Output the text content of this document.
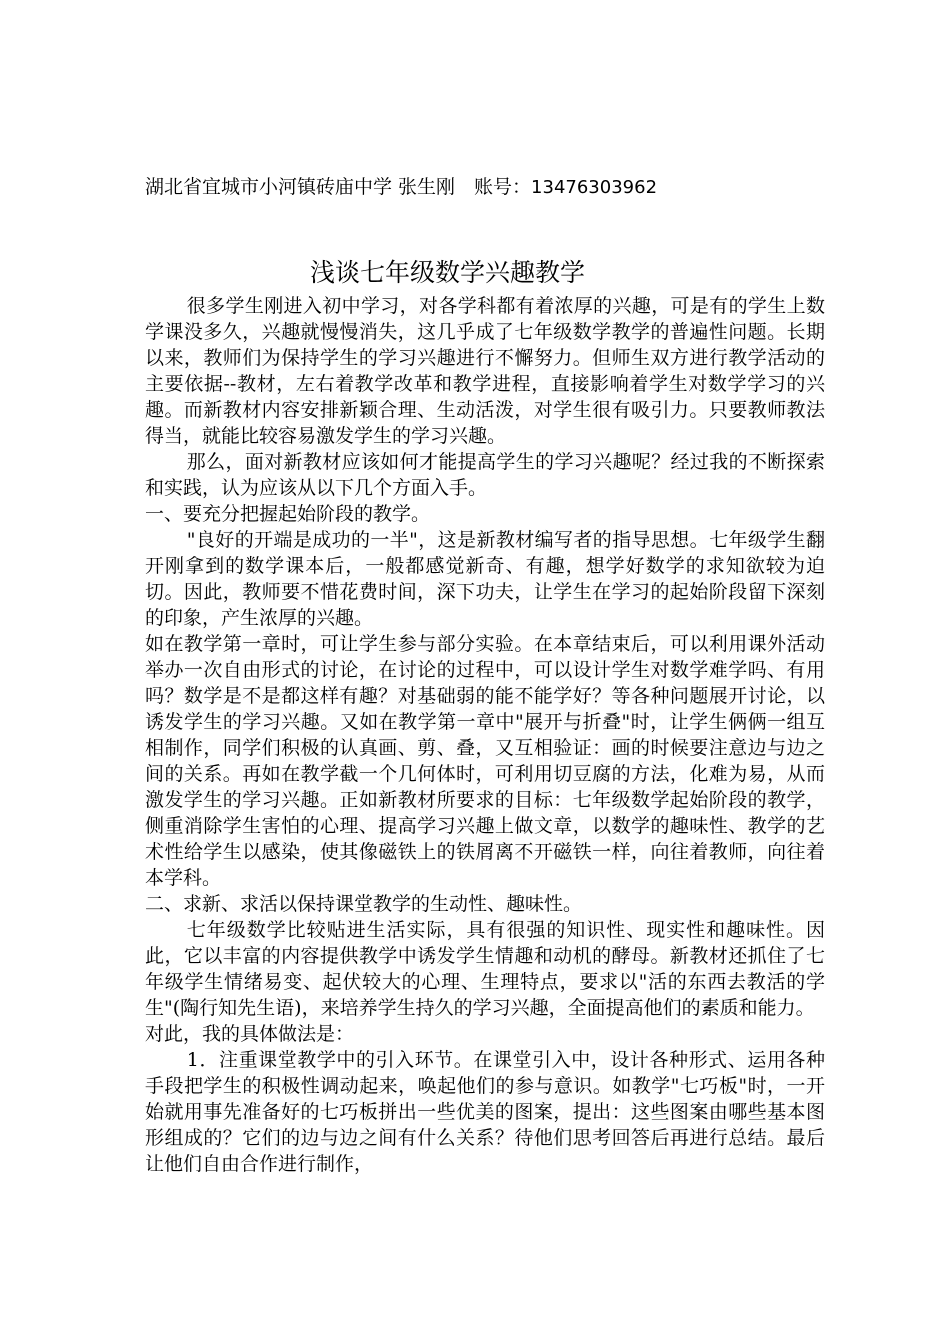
湖北省宜城市小河镇砖庙中学 张生刚　账号：13476303962
浅谈七年级数学兴趣教学

很多学生刚进入初中学习，对各学科都有着浓厚的兴趣，可是有的学生上数学课没多久，兴趣就慢慢消失，这几乎成了七年级数学教学的普遍性问题。长期以来，教师们为保持学生的学习兴趣进行不懈努力。但师生双方进行教学活动的主要依据--教材，左右着教学改革和教学进程，直接影响着学生对数学学习的兴趣。而新教材内容安排新颖合理、生动活泼，对学生很有吸引力。只要教师教法得当，就能比较容易激发学生的学习兴趣。

那么，面对新教材应该如何才能提高学生的学习兴趣呢？经过我的不断探索和实践，认为应该从以下几个方面入手。

一、要充分把握起始阶段的教学。

"良好的开端是成功的一半"，这是新教材编写者的指导思想。七年级学生翻开刚拿到的数学课本后，一般都感觉新奇、有趣，想学好数学的求知欲较为迫切。因此，教师要不惜花费时间，深下功夫，让学生在学习的起始阶段留下深刻的印象，产生浓厚的兴趣。

如在教学第一章时，可让学生参与部分实验。在本章结束后，可以利用课外活动举办一次自由形式的讨论，在讨论的过程中，可以设计学生对数学难学吗、有用吗？数学是不是都这样有趣？对基础弱的能不能学好？等各种问题展开讨论，以诱发学生的学习兴趣。又如在教学第一章中"展开与折叠"时，让学生俩俩一组互相制作，同学们积极的认真画、剪、叠，又互相验证：画的时候要注意边与边之间的关系。再如在教学截一个几何体时，可利用切豆腐的方法，化难为易，从而激发学生的学习兴趣。正如新教材所要求的目标：七年级数学起始阶段的教学，侧重消除学生害怕的心理、提高学习兴趣上做文章，以数学的趣味性、教学的艺术性给学生以感染，使其像磁铁上的铁屑离不开磁铁一样，向往着教师，向往着本学科。

二、求新、求活以保持课堂教学的生动性、趣味性。

七年级数学比较贴进生活实际，具有很强的知识性、现实性和趣味性。因此，它以丰富的内容提供教学中诱发学生情趣和动机的酵母。新教材还抓住了七年级学生情绪易变、起伏较大的心理、生理特点，要求以"活的东西去教活的学生"(陶行知先生语)，来培养学生持久的学习兴趣，全面提高他们的素质和能力。

对此，我的具体做法是：

1．注重课堂教学中的引入环节。在课堂引入中，设计各种形式、运用各种手段把学生的积极性调动起来，唤起他们的参与意识。如教学"七巧板"时，一开始就用事先准备好的七巧板拼出一些优美的图案，提出：这些图案由哪些基本图形组成的？它们的边与边之间有什么关系？待他们思考回答后再进行总结。最后让他们自由合作进行制作，
